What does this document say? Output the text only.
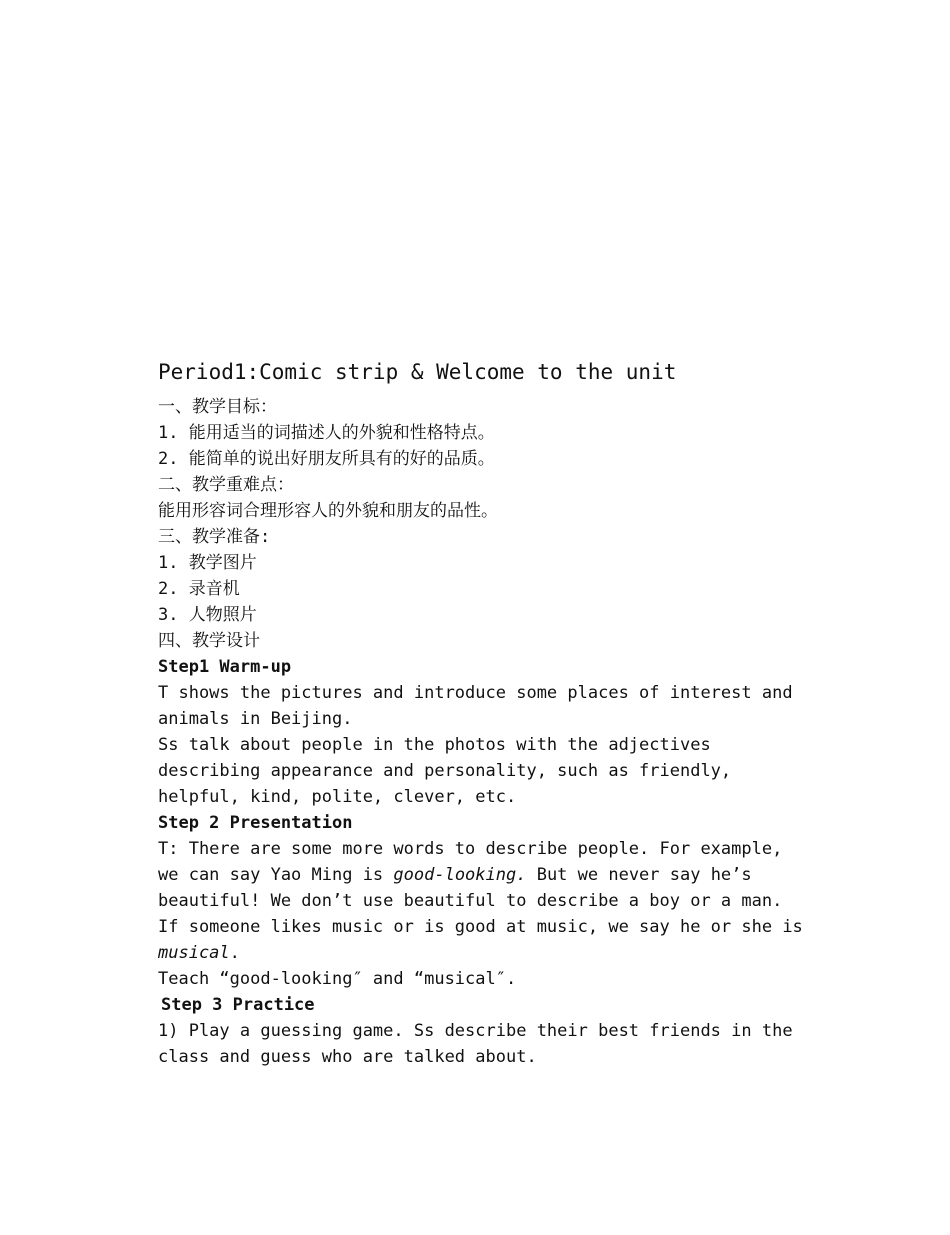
Period1:Comic strip & Welcome to the unit

一、教学目标：

1. 能用适当的词描述人的外貌和性格特点。

2. 能简单的说出好朋友所具有的好的品质。

二、教学重难点：

能用形容词合理形容人的外貌和朋友的品性。

三、教学准备:

1. 教学图片

2. 录音机

3. 人物照片

四、教学设计

Step1 Warm-up

T shows the pictures and introduce some places of interest and

animals in Beijing.

Ss talk about people in the photos with the adjectives

describing appearance and personality, such as friendly,

helpful, kind, polite, clever, etc.

Step 2 Presentation

T: There are some more words to describe people. For example,

we can say Yao Ming is good-looking. But we never say he’s

beautiful! We don’t use beautiful to describe a boy or a man.

If someone likes music or is good at music, we say he or she is

musical.

Teach “good-looking″ and “musical″.

Step 3 Practice

1) Play a guessing game. Ss describe their best friends in the

class and guess who are talked about.
